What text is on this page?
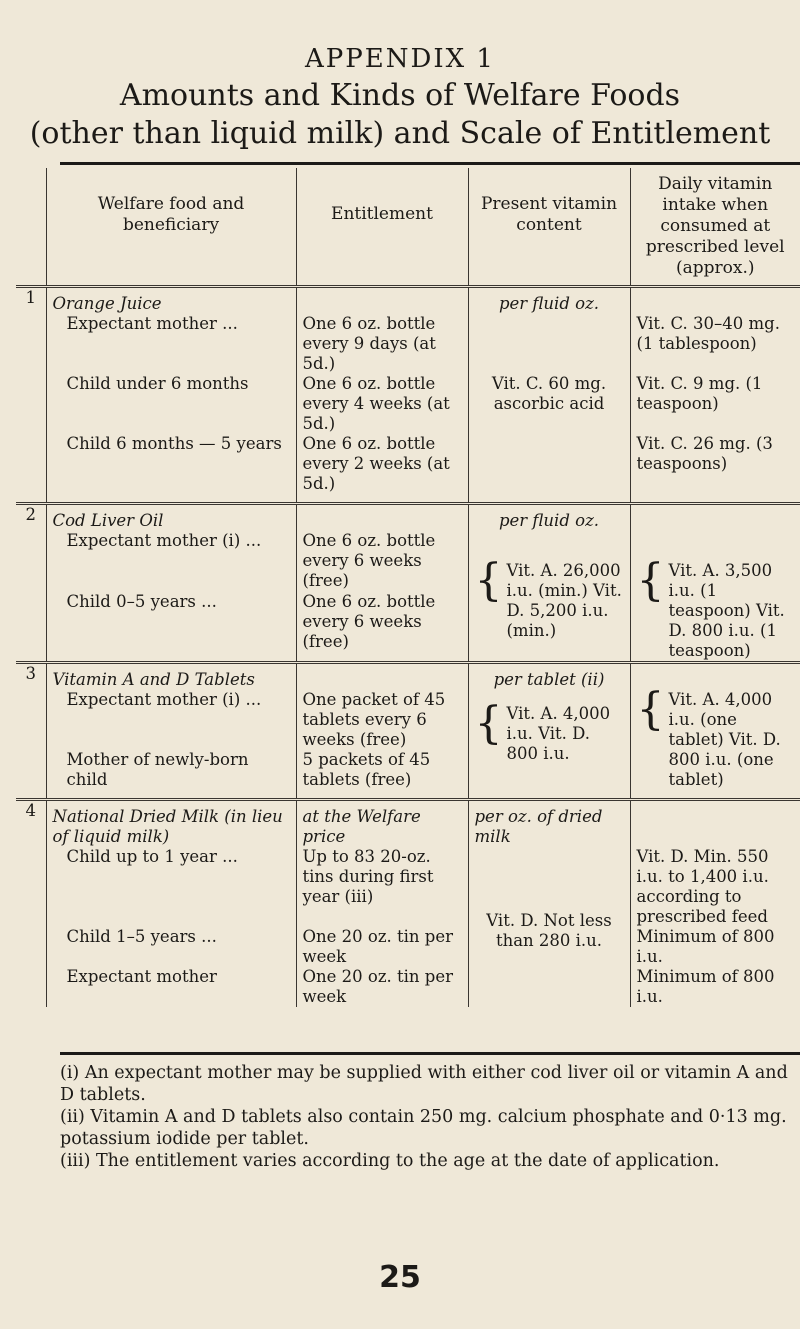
APPENDIX 1
Amounts and Kinds of Welfare Foods
(other than liquid milk) and Scale of Entitlement
	Welfare food and beneficiary	Entitlement	Present vitamin content	Daily vitamin intake when consumed at prescribed level (approx.)
1	Orange Juice		per fluid oz.	
	Expectant mother ...	One 6 oz. bottle every 9 days (at 5d.)		Vit. C. 30–40 mg. (1 tablespoon)
	Child under 6 months	One 6 oz. bottle every 4 weeks (at 5d.)	Vit. C. 60 mg. ascorbic acid	Vit. C. 9 mg. (1 teaspoon)
	Child 6 months — 5 years	One 6 oz. bottle every 2 weeks (at 5d.)		Vit. C. 26 mg. (3 teaspoons)
2	Cod Liver Oil		per fluid oz.	
	Expectant mother (i) ...	One 6 oz. bottle every 6 weeks (free)	{ Vit. A. 26,000 i.u. (min.) Vit. D. 5,200 i.u. (min.)	{ Vit. A. 3,500 i.u. (1 teaspoon) Vit. D. 800 i.u. (1 teaspoon)

	Child 0–5 years ...	One 6 oz. bottle every 6 weeks (free)		
3	Vitamin A and D Tablets		per tablet (ii)	
	Expectant mother (i) ...	One packet of 45 tablets every 6 weeks (free)	{ Vit. A. 4,000 i.u. Vit. D. 800 i.u.	{ Vit. A. 4,000 i.u. (one tablet) Vit. D. 800 i.u. (one tablet)

	Mother of newly-born child	5 packets of 45 tablets (free)		
4	National Dried Milk (in lieu of liquid milk)	at the Welfare price	per oz. of dried milk	
	Child up to 1 year ...	Up to 83 20-oz. tins during first year (iii)	Vit. D. Not less than 280 i.u.	Vit. D. Min. 550 i.u. to 1,400 i.u. according to prescribed feed
	Child 1–5 years ...	One 20 oz. tin per week		Minimum of 800 i.u.
	Expectant mother	One 20 oz. tin per week		Minimum of 800 i.u.

(i) An expectant mother may be supplied with either cod liver oil or vitamin A and D tablets.

(ii) Vitamin A and D tablets also contain 250 mg. calcium phosphate and 0·13 mg. potassium iodide per tablet.

(iii) The entitlement varies according to the age at the date of application.

25
